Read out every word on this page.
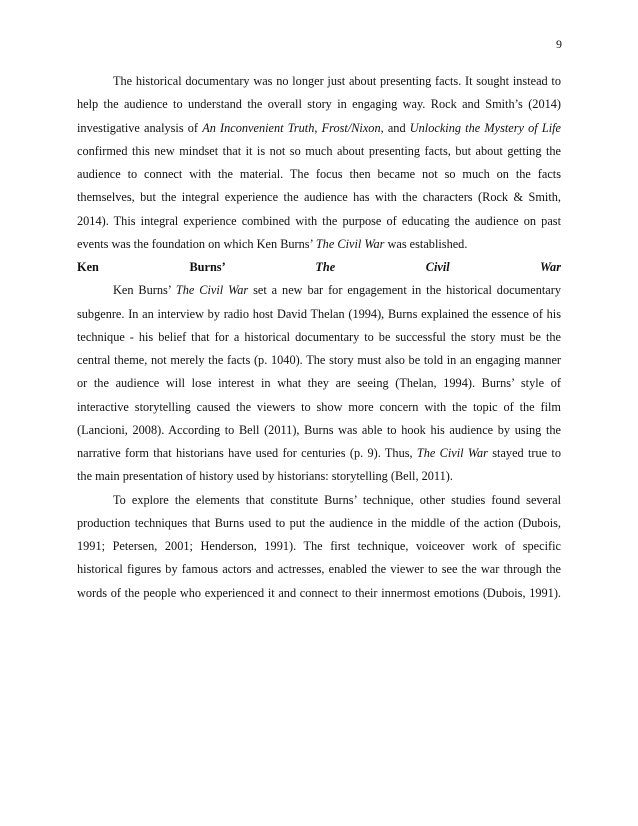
9

The historical documentary was no longer just about presenting facts. It sought instead to
help the audience to understand the overall story in engaging way. Rock and Smith’s (2014)
investigative analysis of An Inconvenient Truth, Frost/Nixon, and Unlocking the Mystery of Life
confirmed this new mindset that it is not so much about presenting facts, but about getting the
audience to connect with the material. The focus then became not so much on the facts
themselves, but the integral experience the audience has with the characters (Rock & Smith,
2014). This integral experience combined with the purpose of educating the audience on past
events was the foundation on which Ken Burns’ The Civil War was established.

Ken Burns’ The Civil War

Ken Burns’ The Civil War set a new bar for engagement in the historical documentary
subgenre. In an interview by radio host David Thelan (1994), Burns explained the essence of his
technique - his belief that for a historical documentary to be successful the story must be the
central theme, not merely the facts (p. 1040). The story must also be told in an engaging manner
or the audience will lose interest in what they are seeing (Thelan, 1994). Burns’ style of
interactive storytelling caused the viewers to show more concern with the topic of the film
(Lancioni, 2008). According to Bell (2011), Burns was able to hook his audience by using the
narrative form that historians have used for centuries (p. 9). Thus, The Civil War stayed true to
the main presentation of history used by historians: storytelling (Bell, 2011).

To explore the elements that constitute Burns’ technique, other studies found several
production techniques that Burns used to put the audience in the middle of the action (Dubois,
1991; Petersen, 2001; Henderson, 1991). The first technique, voiceover work of specific
historical figures by famous actors and actresses, enabled the viewer to see the war through the
words of the people who experienced it and connect to their innermost emotions (Dubois, 1991).
